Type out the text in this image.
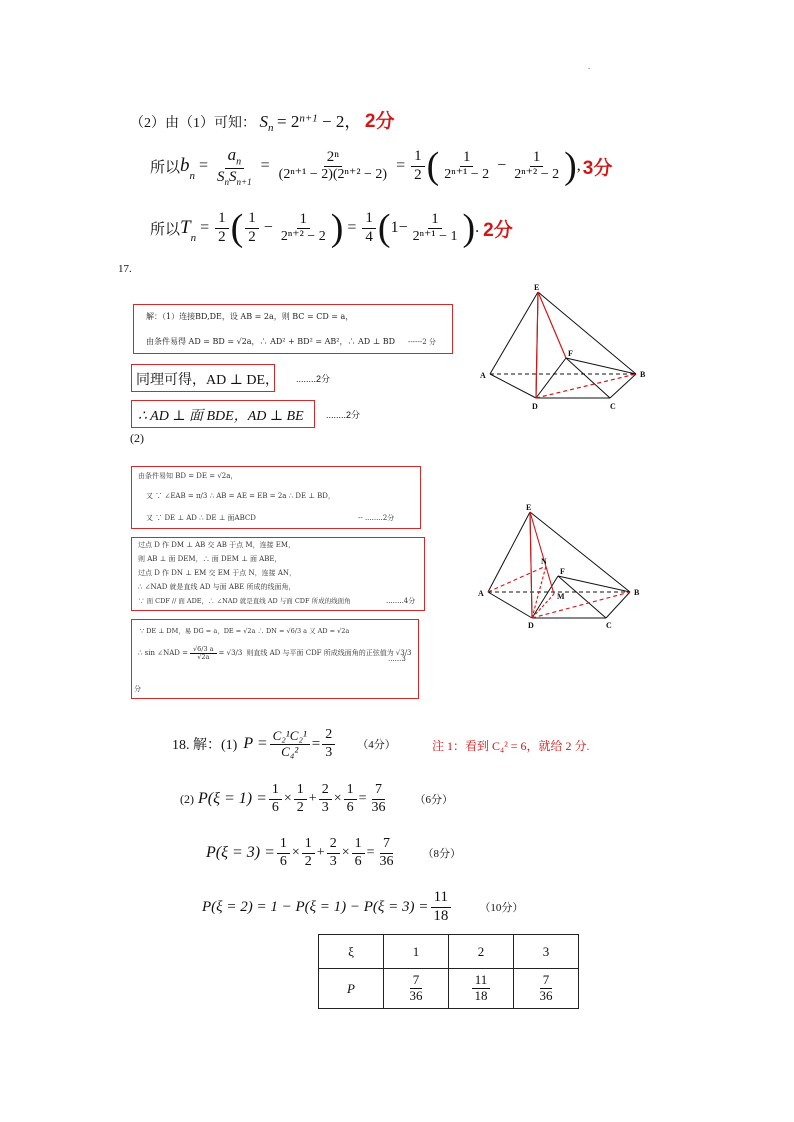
.
（2）由（1）可知： $S_n = 2^{n+1} - 2$， 2分
所以 $b_n$
= $\frac{a_n}{S_nS_{n+1}} = \frac{\text{2ⁿ}}{\text{(2ⁿ⁺¹ − 2)(2ⁿ⁺² − 2)}} = \frac{1}{2}$ ( $\frac{1}{\text{2ⁿ⁺¹ − 2}} - \frac{1}{\text{2ⁿ⁺² − 2}}$ ) , 3分
所以 $T_n$
= $\frac{1}{2}$ ( $\frac{1}{2} - \frac{1}{\text{2ⁿ⁺² − 2}}$ ) = $\frac{1}{4}$ ( $1- \frac{1}{\text{2ⁿ⁺¹ − 1}}$ ) . 2分
17.
解：（1）连接BD,DE，设 AB = 2a，则 BC = CD = a，
由条件易得 AD = BD = √2a，∴ AD² + BD² = AB²，∴ AD ⊥ BD ------2 分
同理可得，AD ⊥ DE， ........2分
∴ AD ⊥ 面 BDE，AD ⊥ BE ........2分
(2)
E
F
A	B
D	C
由条件易知 BD = DE = √2a，
又 ∵ ∠EAB = π/3 ∴ AB = AE = EB = 2a ∴ DE ⊥ BD，
又 ∵ DE ⊥ AD ∴ DE ⊥ 面ABCD	-- ........2分
过点 D 作 DM ⊥ AB 交 AB 于点 M，连接 EM，
则 AB ⊥ 面 DEM，∴ 面 DEM ⊥ 面 ABE，
过点 D 作 DN ⊥ EM 交 EM 于点 N，连接 AN，
∴ ∠NAD 就是直线 AD 与面 ABE 所成的线面角，
∵ 面 CDF // 面 ADE，∴ ∠NAD 就是直线 AD 与面 CDF 所成的线面角	........4分
E
N
F
M
A	B
D	C
∵ DE ⊥ DM，易 DG = a，DE = √2a ∴ DN = √6/3 a 又 AD = √2a
∴ sin ∠NAD = $\frac{√6/3 a}{√2a} = √3/3$ 则直线 AD 与平面 CDF 所成线面角的正弦值为 √3/3
......3
分
18. 解：(1) $P = \frac{\text{C₂¹C₂¹}}{\text{C₄²}} = \frac{2}{3} (4$分）	注 1：看到 C₄² = 6，就给 2 分.
(2) $P(\xi = 1) = \frac{1}{6} \times \frac{1}{2} + \frac{2}{3} \times \frac{1}{6} = \frac{7}{36} (6$分）
$P(\xi = 3) = \frac{1}{6} \times \frac{1}{2} + \frac{2}{3} \times \frac{1}{6} = \frac{7}{36} (8$分）
$P(\xi = 2) = 1 - P(\xi = 1) - P(\xi = 3) = \frac{11}{18}$	（10分）
ξ	1	2	3
P	$\frac{7}{36}$	$\frac{11}{18}$	$\frac{7}{36}$
